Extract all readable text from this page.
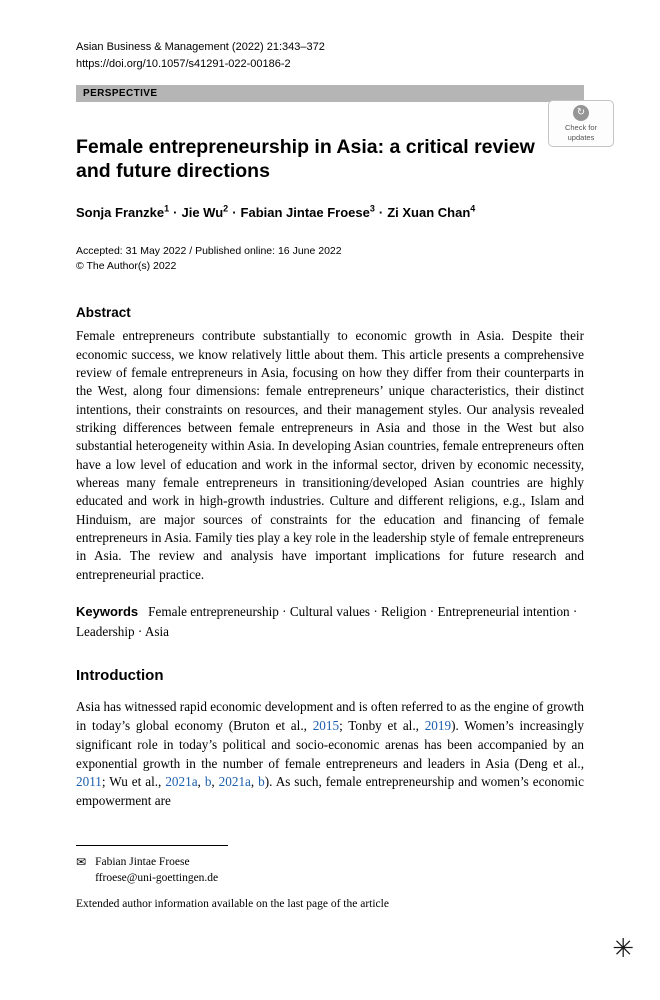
Asian Business & Management (2022) 21:343–372
https://doi.org/10.1057/s41291-022-00186-2
PERSPECTIVE
↻
Check for
updates
Female entrepreneurship in Asia: a critical review
and future directions
Sonja Franzke$^1$ · Jie $Wu^2$ · Fabian Jintae Froese$^3$ · Zi Xuan Chan$^4$
Accepted: 31 May 2022 / Published online: 16 June 2022
© The Author(s) 2022
Abstract

Female entrepreneurs contribute substantially to economic growth in Asia. Despite their economic success, we know relatively little about them. This article presents a comprehensive review of female entrepreneurs in Asia, focusing on how they differ from their counterparts in the West, along four dimensions: female entrepreneurs’ unique characteristics, their distinct intentions, their constraints on resources, and their management styles. Our analysis revealed striking differences between female entrepreneurs in Asia and those in the West but also substantial heterogeneity within Asia. In developing Asian countries, female entrepreneurs often have a low level of education and work in the informal sector, driven by economic necessity, whereas many female entrepreneurs in transitioning/developed Asian countries are highly educated and work in high-growth industries. Culture and different religions, e.g., Islam and Hinduism, are major sources of constraints for the education and financing of female entrepreneurs in Asia. Family ties play a key role in the leadership style of female entrepreneurs in Asia. The review and analysis have important implications for future research and entrepreneurial practice.

Keywords Female entrepreneurship · Cultural values · Religion · Entrepreneurial intention · Leadership · Asia

Introduction

Asia has witnessed rapid economic development and is often referred to as the engine of growth in today’s global economy (Bruton et al., 2015; Tonby et al., 2019). Women’s increasingly significant role in today’s political and socio-economic arenas has been accompanied by an exponential growth in the number of female entrepreneurs and leaders in Asia (Deng et al., 2011; Wu et al., 2021a, b, 2021a, b). As such, female entrepreneurship and women’s economic empowerment are

✉ Fabian Jintae Froese
ffroese@uni-goettingen.de
Extended author information available on the last page of the article
✳
